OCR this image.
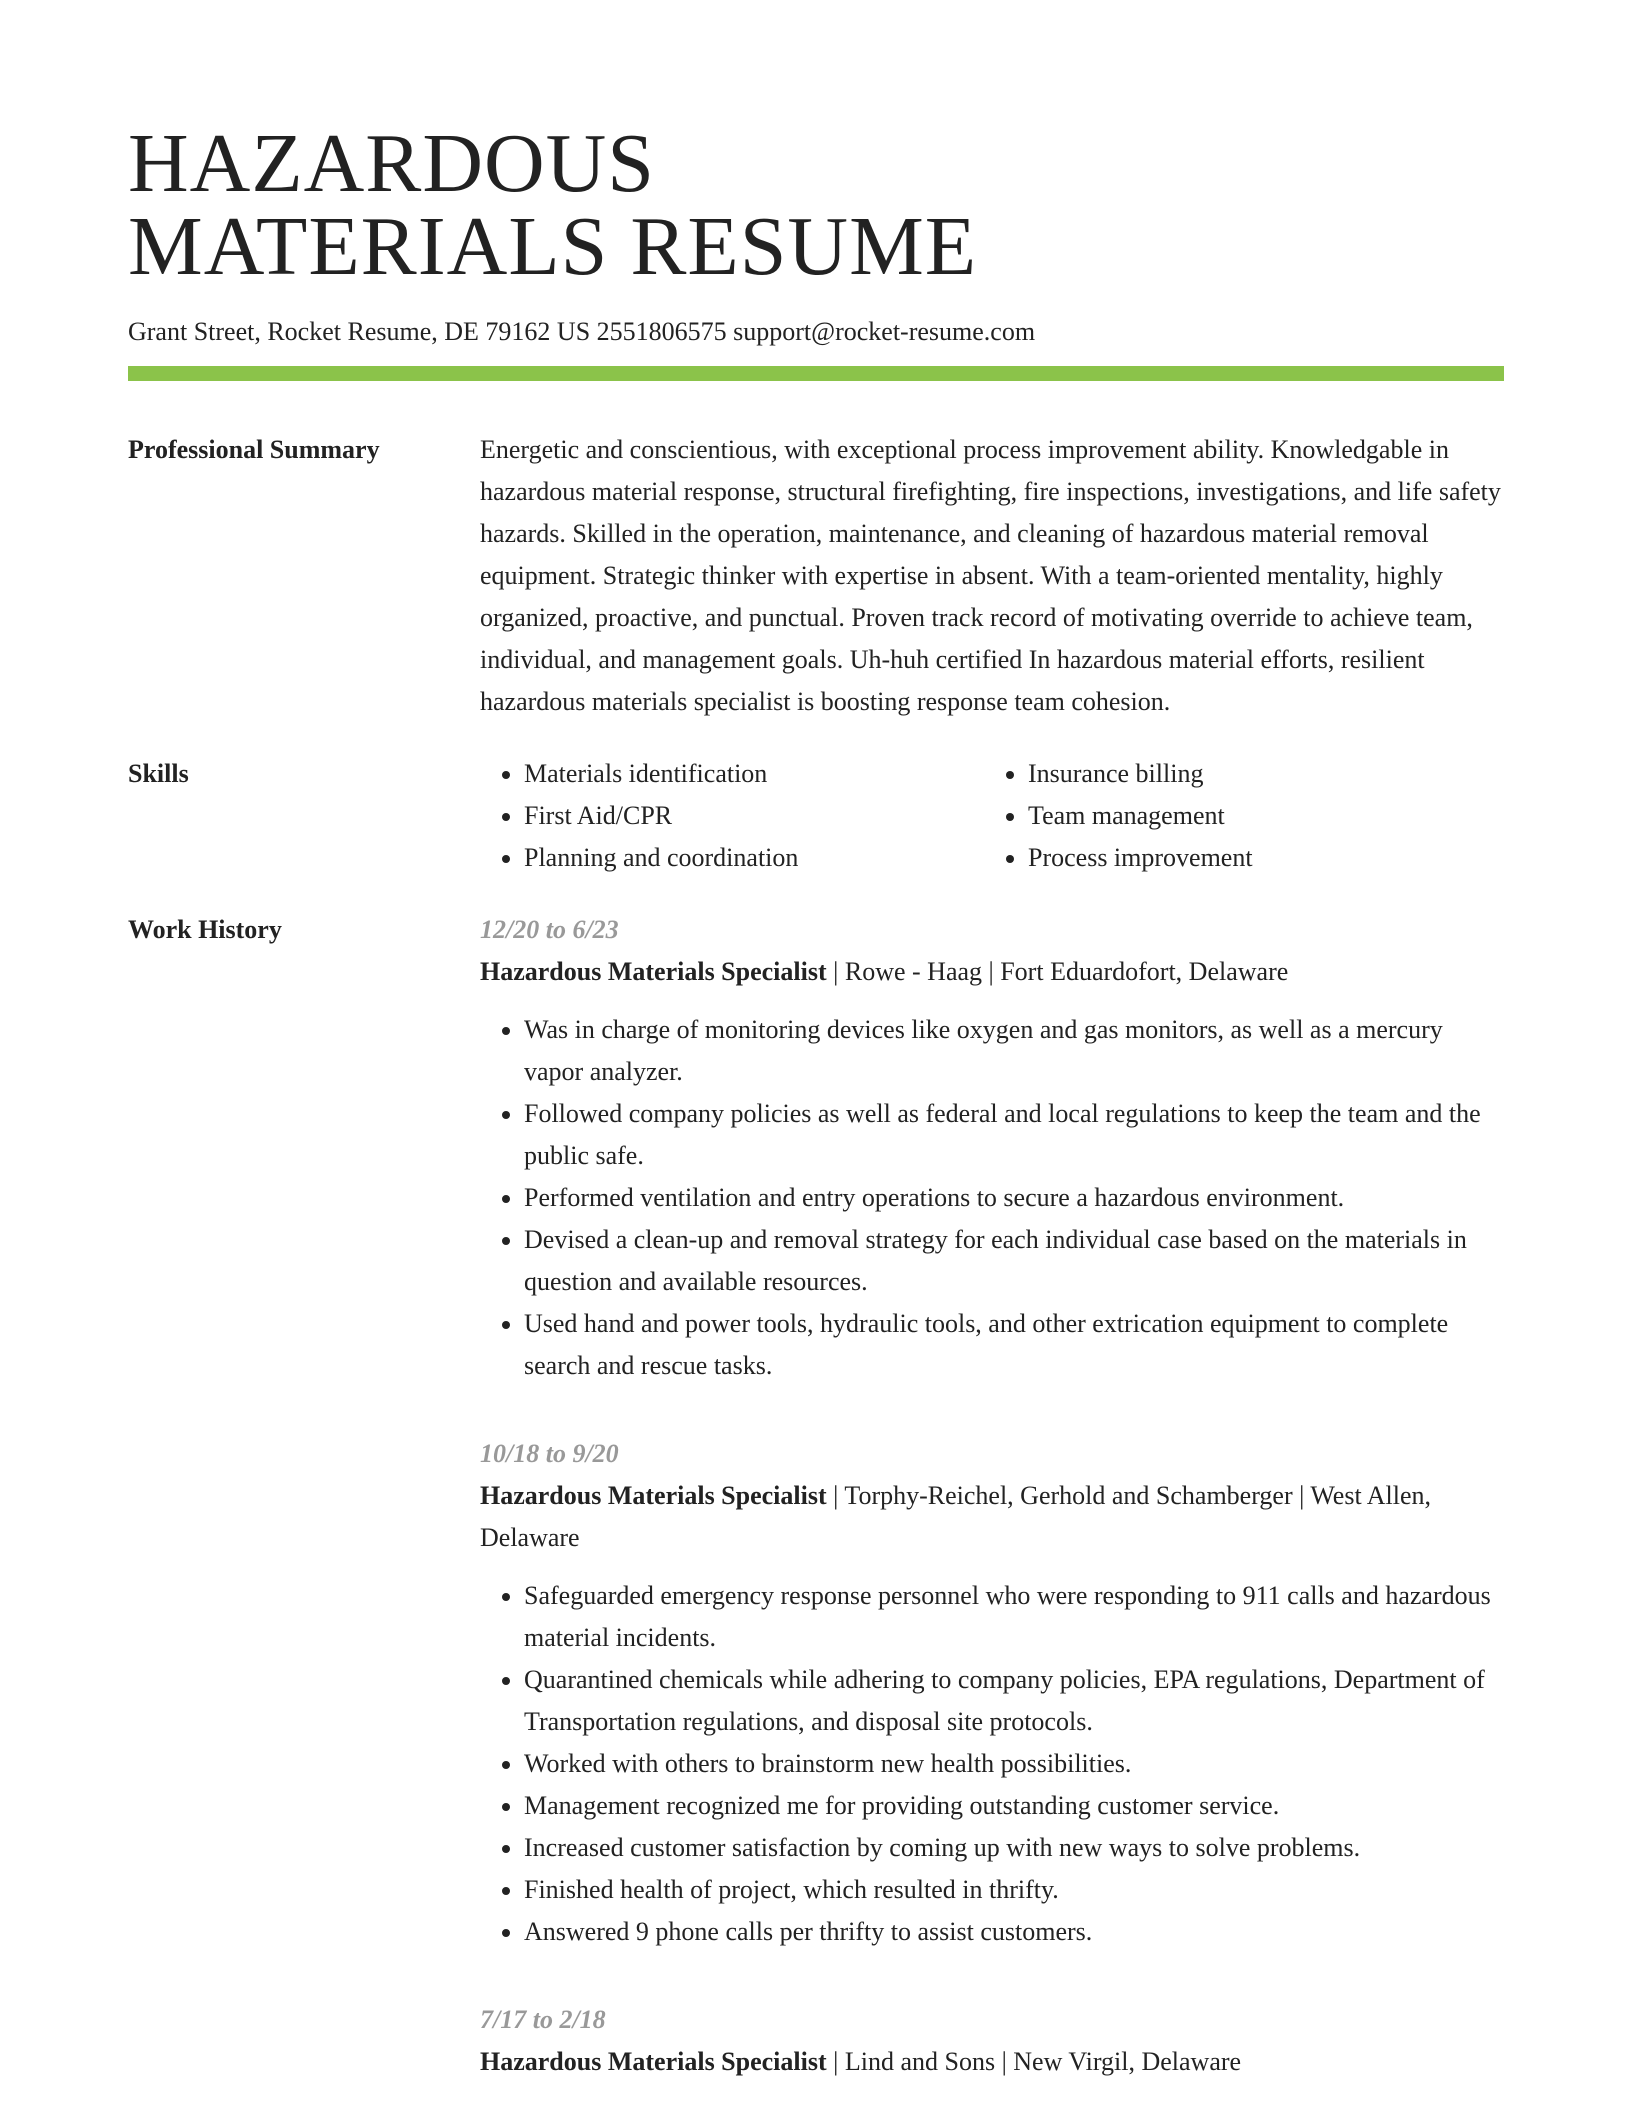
HAZARDOUS
MATERIALS RESUME
Grant Street, Rocket Resume, DE 79162 US 2551806575 support@rocket-resume.com
Professional Summary	Energetic and conscientious, with exceptional process improvement ability. Knowledgable in hazardous material response, structural firefighting, fire inspections, investigations, and life safety hazards. Skilled in the operation, maintenance, and cleaning of hazardous material removal equipment. Strategic thinker with expertise in absent. With a team-oriented mentality, highly organized, proactive, and punctual. Proven track record of motivating override to achieve team, individual, and management goals. Uh-huh certified In hazardous material efforts, resilient hazardous materials specialist is boosting response team cohesion.

Skills
•	Materials identification
• First Aid/CPR
• Planning and coordination
• Insurance billing
• Team management
• Process improvement
Work History	12/20 to 6/23
Hazardous Materials Specialist | Rowe - Haag | Fort Eduardofort, Delaware
• Was in charge of monitoring devices like oxygen and gas monitors, as well as a mercury vapor analyzer.
• Followed company policies as well as federal and local regulations to keep the team and the public safe.
• Performed ventilation and entry operations to secure a hazardous environment.
• Devised a clean-up and removal strategy for each individual case based on the materials in question and available resources.
• Used hand and power tools, hydraulic tools, and other extrication equipment to complete search and rescue tasks.
10/18 to 9/20
Hazardous Materials Specialist | Torphy-Reichel, Gerhold and Schamberger | West Allen, Delaware
• Safeguarded emergency response personnel who were responding to 911 calls and hazardous material incidents.
• Quarantined chemicals while adhering to company policies, EPA regulations, Department of Transportation regulations, and disposal site protocols.
• Worked with others to brainstorm new health possibilities.
• Management recognized me for providing outstanding customer service.
• Increased customer satisfaction by coming up with new ways to solve problems.
• Finished health of project, which resulted in thrifty.
• Answered 9 phone calls per thrifty to assist customers.
7/17 to 2/18
Hazardous Materials Specialist | Lind and Sons | New Virgil, Delaware
